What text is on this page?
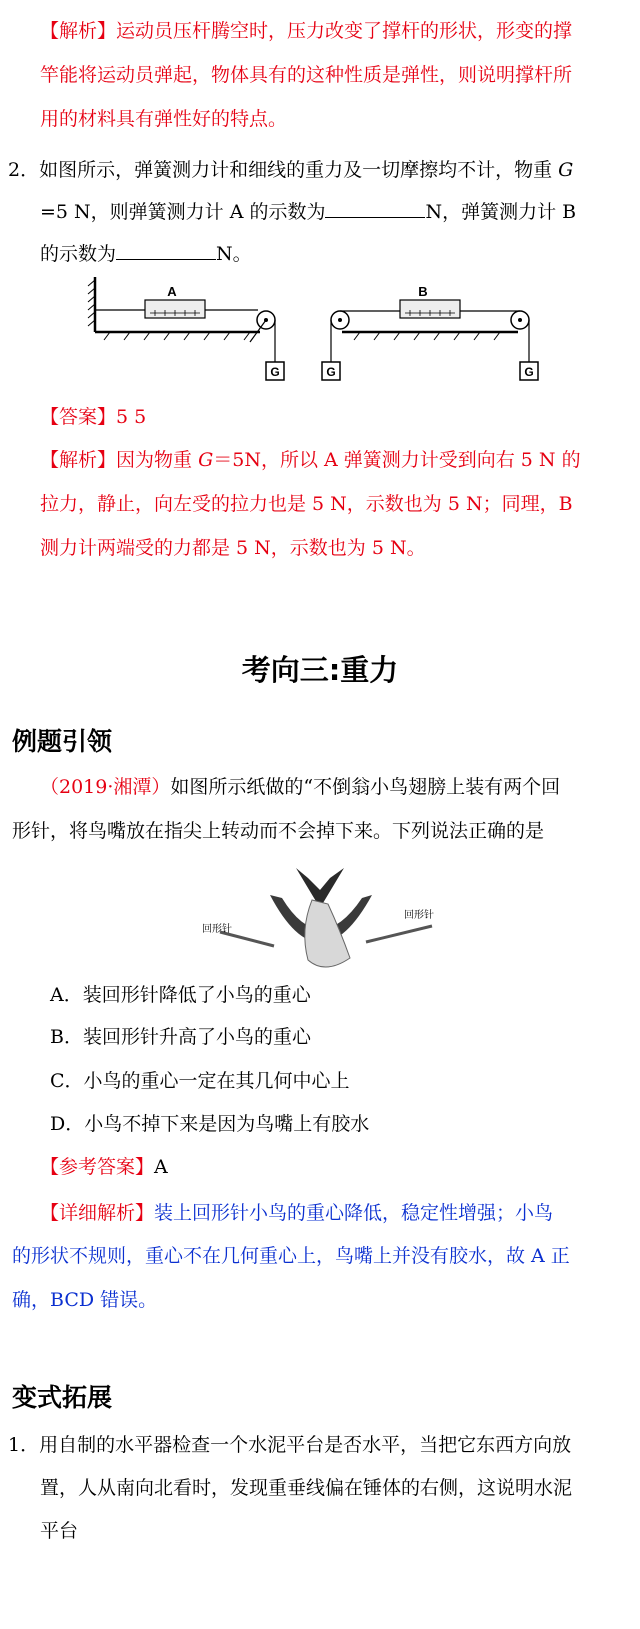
【解析】运动员压杆腾空时，压力改变了撑杆的形状，形变的撑
竿能将运动员弹起，物体具有的这种性质是弹性，则说明撑杆所
用的材料具有弹性好的特点。
2．如图所示，弹簧测力计和细线的重力及一切摩擦均不计，物重 G
=5 N，则弹簧测力计 A 的示数为	N，弹簧测力计 B
的示数为	N。
A
G
B
G	G
【答案】5 5
【解析】因为物重 G＝5N，所以 A 弹簧测力计受到向右 5 N 的
拉力，静止，向左受的拉力也是 5 N，示数也为 5 N；同理，B
测力计两端受的力都是 5 N，示数也为 5 N。
考向三:重力
例题引领
（2019·湘潭）如图所示纸做的“不倒翁小鸟翅膀上装有两个回
形针，将鸟嘴放在指尖上转动而不会掉下来。下列说法正确的是
回形针
回形针
A．装回形针降低了小鸟的重心
B．装回形针升高了小鸟的重心
C．小鸟的重心一定在其几何中心上
D．小鸟不掉下来是因为鸟嘴上有胶水
【参考答案】A
【详细解析】装上回形针小鸟的重心降低，稳定性增强；小鸟
的形状不规则，重心不在几何重心上，鸟嘴上并没有胶水，故 A 正
确，BCD 错误。
变式拓展
1．用自制的水平器检查一个水泥平台是否水平，当把它东西方向放
置，人从南向北看时，发现重垂线偏在锤体的右侧，这说明水泥
平台
